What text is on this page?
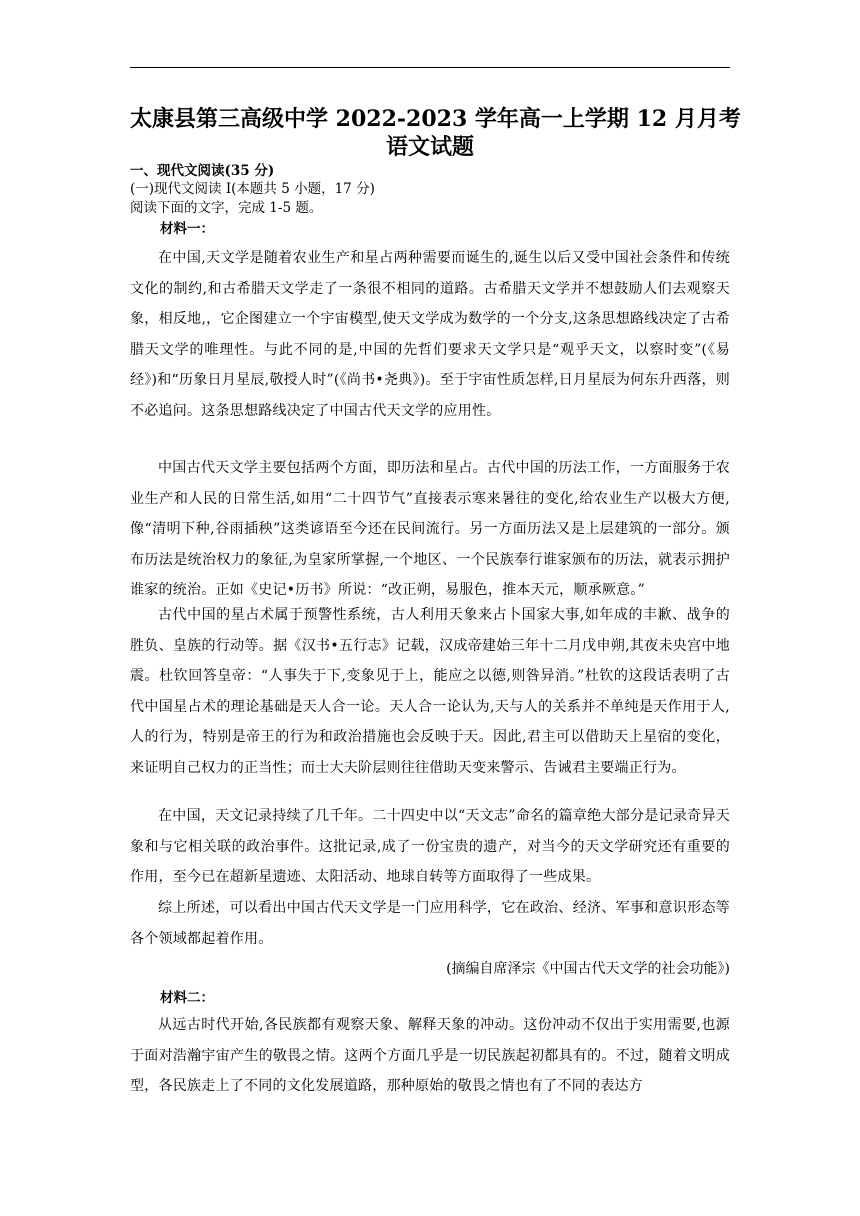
太康县第三高级中学 2022-2023 学年高一上学期 12 月月考
语文试题
一、现代文阅读(35 分)
(一)现代文阅读 I(本题共 5 小题，17 分)
阅读下面的文字，完成 1-5 题。
材料一：

在中国,天文学是随着农业生产和星占两种需要而诞生的,诞生以后又受中国社会条件和传统文化的制约,和古希腊天文学走了一条很不相同的道路。古希腊天文学并不想鼓励人们去观察天象，相反地,，它企图建立一个宇宙模型,使天文学成为数学的一个分支,这条思想路线决定了古希腊天文学的唯理性。与此不同的是,中国的先哲们要求天文学只是“观乎天文，以察时变”(《易经》)和“历象日月星辰,敬授人时”(《尚书•尧典》)。至于宇宙性质怎样,日月星辰为何东升西落，则不必追问。这条思想路线决定了中国古代天文学的应用性。

中国古代天文学主要包括两个方面，即历法和星占。古代中国的历法工作，一方面服务于农业生产和人民的日常生活,如用“二十四节气”直接表示寒来暑往的变化,给农业生产以极大方便,像“清明下种,谷雨插秧”这类谚语至今还在民间流行。另一方面历法又是上层建筑的一部分。颁布历法是统治权力的象征,为皇家所掌握,一个地区、一个民族奉行谁家颁布的历法，就表示拥护谁家的统治。正如《史记•历书》所说：“改正朔，易服色，推本天元，顺承厥意。”

古代中国的星占术属于预警性系统，古人利用天象来占卜国家大事,如年成的丰歉、战争的胜负、皇族的行动等。据《汉书•五行志》记载，汉成帝建始三年十二月戊申朔,其夜未央宫中地震。杜钦回答皇帝：“人事失于下,变象见于上，能应之以德,则咎异消。”杜钦的这段话表明了古代中国星占术的理论基础是天人合一论。天人合一论认为,天与人的关系并不单纯是天作用于人,人的行为，特别是帝王的行为和政治措施也会反映于天。因此,君主可以借助天上星宿的变化，来证明自己权力的正当性；而士大夫阶层则往往借助天变来警示、告诫君主要端正行为。

在中国，天文记录持续了几千年。二十四史中以“天文志”命名的篇章绝大部分是记录奇异天象和与它相关联的政治事件。这批记录,成了一份宝贵的遗产，对当今的天文学研究还有重要的作用，至今已在超新星遗迹、太阳活动、地球自转等方面取得了一些成果。

综上所述，可以看出中国古代天文学是一门应用科学，它在政治、经济、军事和意识形态等各个领域都起着作用。

(摘编自席泽宗《中国古代天文学的社会功能》)
材料二：

从远古时代开始,各民族都有观察天象、解释天象的冲动。这份冲动不仅出于实用需要,也源于面对浩瀚宇宙产生的敬畏之情。这两个方面几乎是一切民族起初都具有的。不过，随着文明成型，各民族走上了不同的文化发展道路，那种原始的敬畏之情也有了不同的表达方
